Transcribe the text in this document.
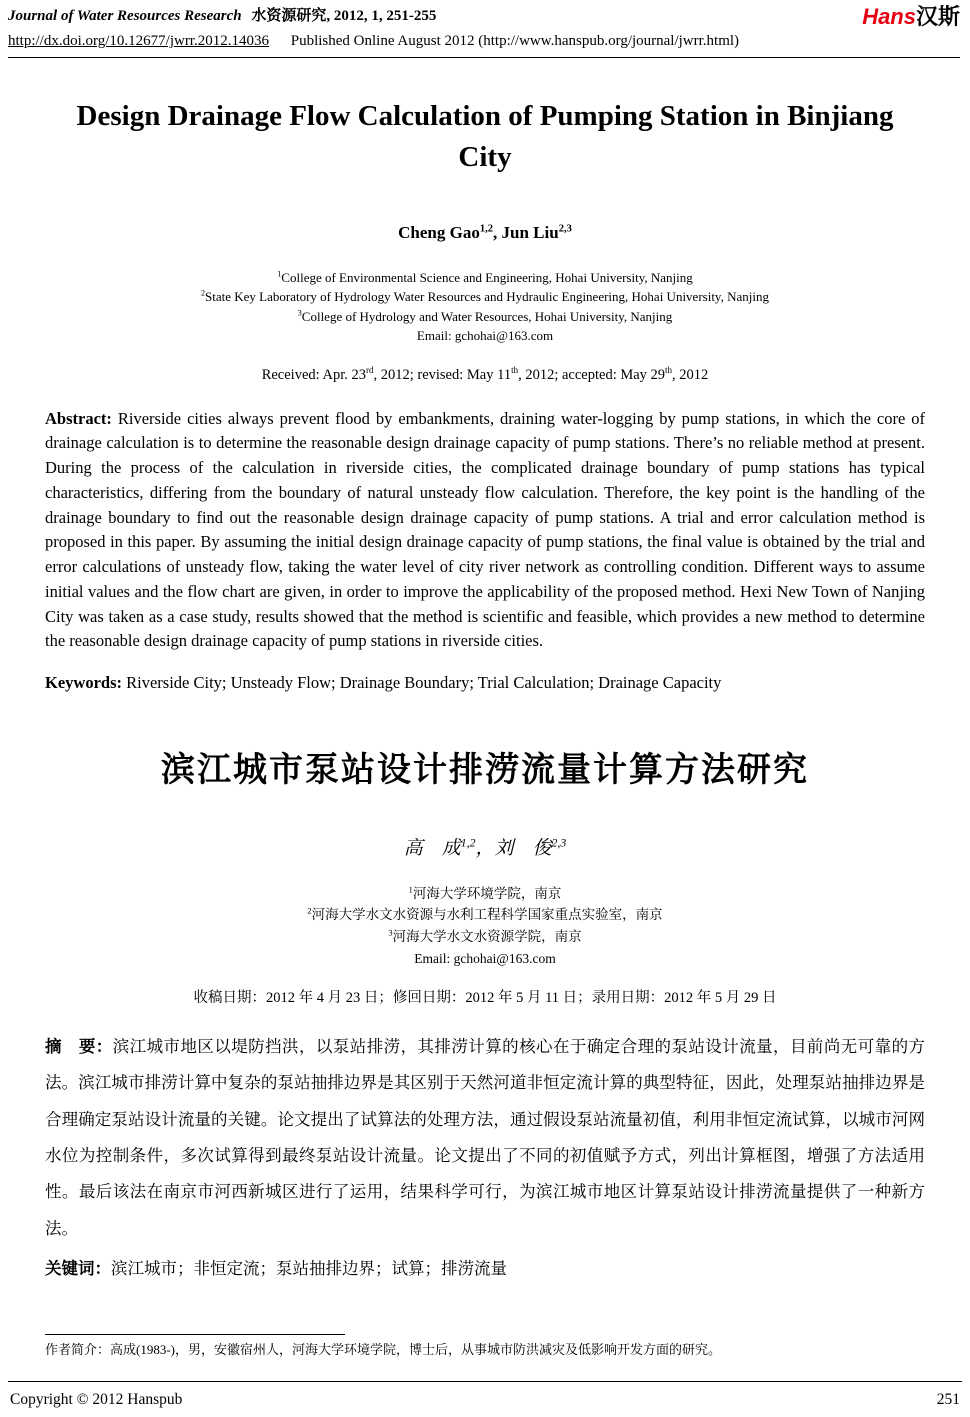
Journal of Water Resources Research 水资源研究, 2012, 1, 251-255	Hans汉斯
http://dx.doi.org/10.12677/jwrr.2012.14036 Published Online August 2012 (http://www.hanspub.org/journal/jwrr.html)
Design Drainage Flow Calculation of Pumping Station in Binjiang City
Cheng Gao$^{1,2}$, Jun Liu$^{2,3}$
$^1$College of Environmental Science and Engineering, Hohai University, Nanjing
$^2$State Key Laboratory of Hydrology Water Resources and Hydraulic Engineering, Hohai University, Nanjing
$^3$College of Hydrology and Water Resources, Hohai University, Nanjing
Email: gchohai@163.com
Received: Apr. 23rd, 2012; revised: May 11th, 2012; accepted: May 29th, 2012

Abstract: Riverside cities always prevent flood by embankments, draining water-logging by pump stations, in which the core of drainage calculation is to determine the reasonable design drainage capacity of pump stations. There’s no reliable method at present. During the process of the calculation in riverside cities, the complicated drainage boundary of pump stations has typical characteristics, differing from the boundary of natural unsteady flow calculation. Therefore, the key point is the handling of the drainage boundary to find out the reasonable design drainage capacity of pump stations. A trial and error calculation method is proposed in this paper. By assuming the initial design drainage capacity of pump stations, the final value is obtained by the trial and error calculations of unsteady flow, taking the water level of city river network as controlling condition. Different ways to assume initial values and the flow chart are given, in order to improve the applicability of the proposed method. Hexi New Town of Nanjing City was taken as a case study, results showed that the method is scientific and feasible, which provides a new method to determine the reasonable design drainage capacity of pump stations in riverside cities.

Keywords: Riverside City; Unsteady Flow; Drainage Boundary; Trial Calculation; Drainage Capacity

滨江城市泵站设计排涝流量计算方法研究
高　成$^{1,2}$，刘　俊$^{2,3}$
$^1$河海大学环境学院，南京
$^2$河海大学水文水资源与水利工程科学国家重点实验室，南京
$^3$河海大学水文水资源学院，南京
Email: gchohai@163.com
收稿日期：2012 年 4 月 23 日；修回日期：2012 年 5 月 11 日；录用日期：2012 年 5 月 29 日

摘　要：滨江城市地区以堤防挡洪，以泵站排涝，其排涝计算的核心在于确定合理的泵站设计流量，目前尚无可靠的方法。滨江城市排涝计算中复杂的泵站抽排边界是其区别于天然河道非恒定流计算的典型特征，因此，处理泵站抽排边界是合理确定泵站设计流量的关键。论文提出了试算法的处理方法，通过假设泵站流量初值，利用非恒定流试算，以城市河网水位为控制条件，多次试算得到最终泵站设计流量。论文提出了不同的初值赋予方式，列出计算框图，增强了方法适用性。最后该法在南京市河西新城区进行了运用，结果科学可行，为滨江城市地区计算泵站设计排涝流量提供了一种新方法。

关键词：滨江城市；非恒定流；泵站抽排边界；试算；排涝流量

作者简介：高成(1983-)，男，安徽宿州人，河海大学环境学院，博士后，从事城市防洪减灾及低影响开发方面的研究。
Copyright © 2012 Hanspub	251
